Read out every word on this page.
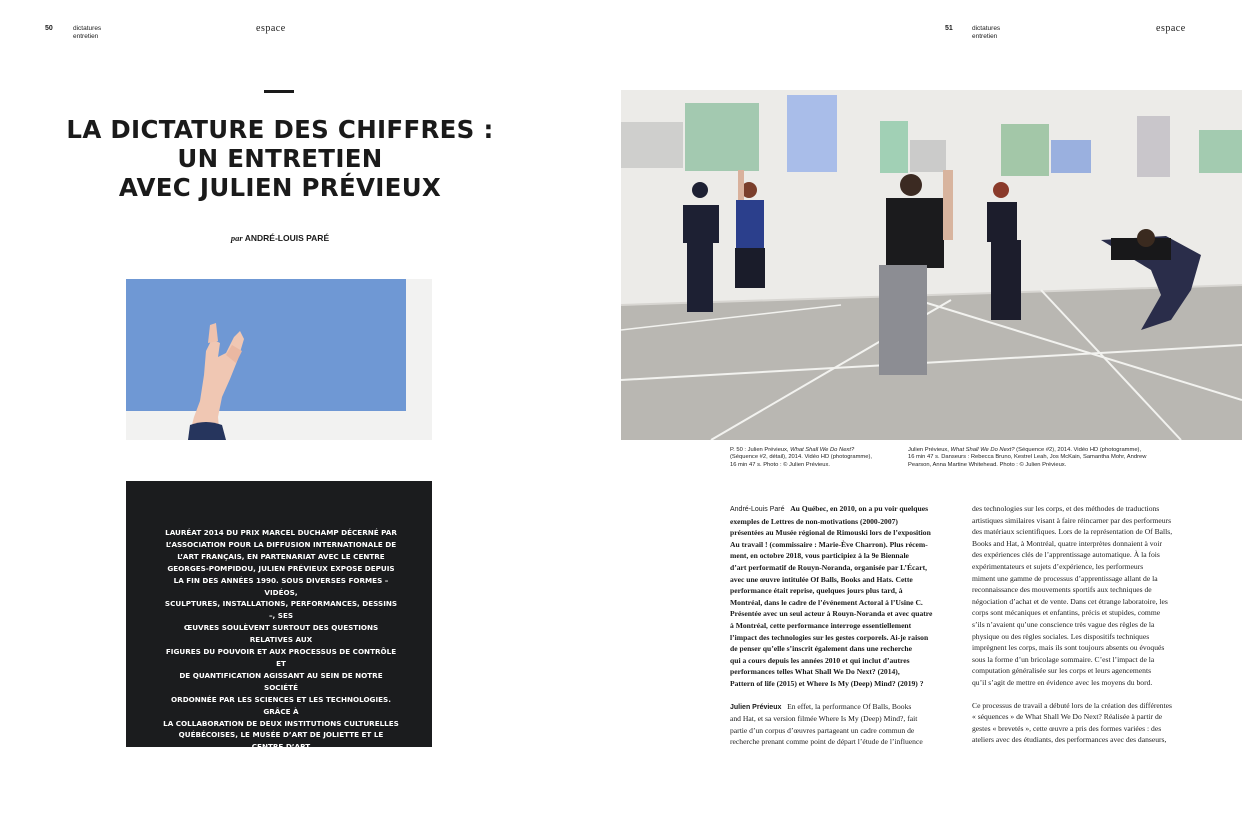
50	dictatures
entretien
espace
LA DICTATURE DES CHIFFRES :
UN ENTRETIEN
AVEC JULIEN PRÉVIEUX
par ANDRÉ-LOUIS PARÉ
LAURÉAT 2014 DU PRIX MARCEL DUCHAMP DÉCERNÉ PAR
L’ASSOCIATION POUR LA DIFFUSION INTERNATIONALE DE
L’ART FRANÇAIS, EN PARTENARIAT AVEC LE CENTRE
GEORGES-POMPIDOU, JULIEN PRÉVIEUX EXPOSE DEPUIS
LA FIN DES ANNÉES 1990. SOUS DIVERSES FORMES – VIDÉOS,
SCULPTURES, INSTALLATIONS, PERFORMANCES, DESSINS –, SES
ŒUVRES SOULÈVENT SURTOUT DES QUESTIONS RELATIVES AUX
FIGURES DU POUVOIR ET AUX PROCESSUS DE CONTRÔLE ET
DE QUANTIFICATION AGISSANT AU SEIN DE NOTRE SOCIÉTÉ
ORDONNÉE PAR LES SCIENCES ET LES TECHNOLOGIES. GRÂCE À
LA COLLABORATION DE DEUX INSTITUTIONS CULTURELLES
QUÉBÉCOISES, LE MUSÉE D’ART DE JOLIETTE ET LE CENTRE D’ART
DIAGONALE (MONTRÉAL), PRÉVIEUX PRÉSENTERA, DURANT
L’ANNÉE 2021, DES ŒUVRES VIDÉOGRAPHIQUES AYANT POUR
THÈME LE TRAVAIL À L’ÈRE DU CAPITALISME NUMÉRIQUE.
51	dictatures
entretien
espace
P. 50 : Julien Prévieux, What Shall We Do Next?
(Séquence #2, détail), 2014. Vidéo HD (photogramme),
16 min 47 s. Photo : © Julien Prévieux.
Julien Prévieux, What Shall We Do Next? (Séquence #2), 2014. Vidéo HD (photogramme),
16 min 47 s. Danseurs : Rebecca Bruno, Kestrel Leah, Jos McKain, Samantha Mohr, Andrew
Pearson, Anna Martine Whitehead. Photo : © Julien Prévieux.

André-Louis Paré Au Québec, en 2010, on a pu voir quelques
exemples de Lettres de non-motivations (2000-2007)
présentées au Musée régional de Rimouski lors de l’exposition
Au travail ! (commissaire : Marie-Ève Charron). Plus récem-
ment, en octobre 2018, vous participiez à la 9e Biennale
d’art performatif de Rouyn-Noranda, organisée par L’Écart,
avec une œuvre intitulée Of Balls, Books and Hats. Cette
performance était reprise, quelques jours plus tard, à
Montréal, dans le cadre de l’événement Actoral à l’Usine C.
Présentée avec un seul acteur à Rouyn-Noranda et avec quatre
à Montréal, cette performance interroge essentiellement
l’impact des technologies sur les gestes corporels. Ai-je raison
de penser qu’elle s’inscrit également dans une recherche
qui a cours depuis les années 2010 et qui inclut d’autres
performances telles What Shall We Do Next? (2014),
Pattern of life (2015) et Where Is My (Deep) Mind? (2019) ?

Julien Prévieux En effet, la performance Of Balls, Books
and Hat, et sa version filmée Where Is My (Deep) Mind?, fait
partie d’un corpus d’œuvres partageant un cadre commun de
recherche prenant comme point de départ l’étude de l’influence

des technologies sur les corps, et des méthodes de traductions
artistiques similaires visant à faire réincarner par des performeurs
des matériaux scientifiques. Lors de la représentation de Of Balls,
Books and Hat, à Montréal, quatre interprètes donnaient à voir
des expériences clés de l’apprentissage automatique. À la fois
expérimentateurs et sujets d’expérience, les performeurs
miment une gamme de processus d’apprentissage allant de la
reconnaissance des mouvements sportifs aux techniques de
négociation d’achat et de vente. Dans cet étrange laboratoire, les
corps sont mécaniques et enfantins, précis et stupides, comme
s’ils n’avaient qu’une conscience très vague des règles de la
physique ou des règles sociales. Les dispositifs techniques
imprègnent les corps, mais ils sont toujours absents ou évoqués
sous la forme d’un bricolage sommaire. C’est l’impact de la
computation généralisée sur les corps et leurs agencements
qu’il s’agit de mettre en évidence avec les moyens du bord.

Ce processus de travail a débuté lors de la création des différentes
« séquences » de What Shall We Do Next? Réalisée à partir de
gestes « brevetés », cette œuvre a pris des formes variées : des
ateliers avec des étudiants, des performances avec des danseurs,
